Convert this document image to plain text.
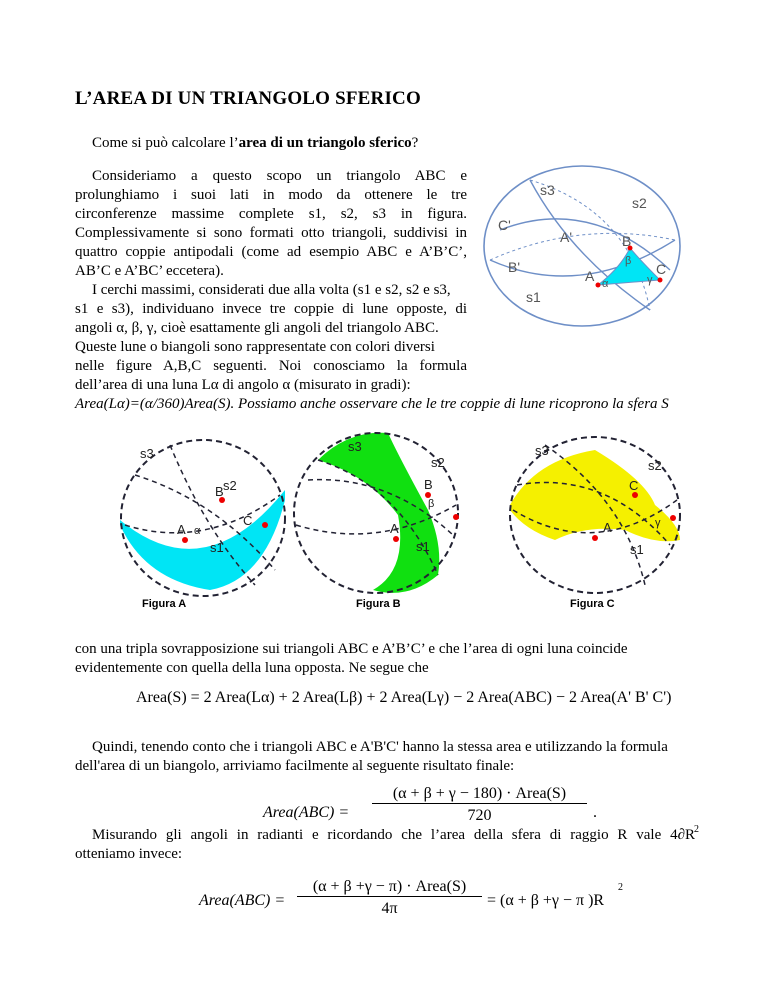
L’AREA DI UN TRIANGOLO SFERICO
Come si può calcolare l’area di un triangolo sferico?
Consideriamo a questo scopo un triangolo ABC e
prolunghiamo i suoi lati in modo da ottenere le tre
circonferenze massime complete s1, s2, s3 in figura.
Complessivamente si sono formati otto triangoli, suddivisi in
quattro coppie antipodali (come ad esempio ABC e A’B’C’,
AB’C e A’BC’ eccetera).
I cerchi massimi, considerati due alla volta (s1 e s2, s2 e s3,
s1 e s3), individuano invece tre coppie di lune opposte, di
angoli α, β, γ, cioè esattamente gli angoli del triangolo ABC.
Queste lune o biangoli sono rappresentate con colori diversi
nelle figure A,B,C seguenti. Noi conosciamo la formula
dell’area di una luna Lα di angolo α (misurato in gradi):
Area(Lα)=(α/360)Area(S). Possiamo anche osservare che le tre coppie di lune ricoprono la sfera S
s3
s2
C'
A'	B
B'	β C
γ
A α
s1
s3
s2
B
C
A α
s1
Figura A
s3
s2
B
β
A
s1
Figura B
s3
s2
C
A	γ
s1
Figura C
con una tripla sovrapposizione sui triangoli ABC e A’B’C’ e che l’area di ogni luna coincide
evidentemente con quella della luna opposta. Ne segue che
Area(S) = 2 Area(Lα) + 2 Area(Lβ) + 2 Area(Lγ) − 2 Area(ABC) − 2 Area(A' B' C')
Quindi, tenendo conto che i triangoli ABC e A'B'C' hanno la stessa area e utilizzando la formula
dell'area di un biangolo, arriviamo facilmente al seguente risultato finale:
Area(ABC) =
(α + β + γ − 180) · Area(S)
720	.
Misurando gli angoli in radianti e ricordando che l’area della sfera di raggio R vale 4∂R 2
otteniamo invece:
Area(ABC) =
(α + β +γ − π) · Area(S)
4π	= (α + β +γ − π )R
2
